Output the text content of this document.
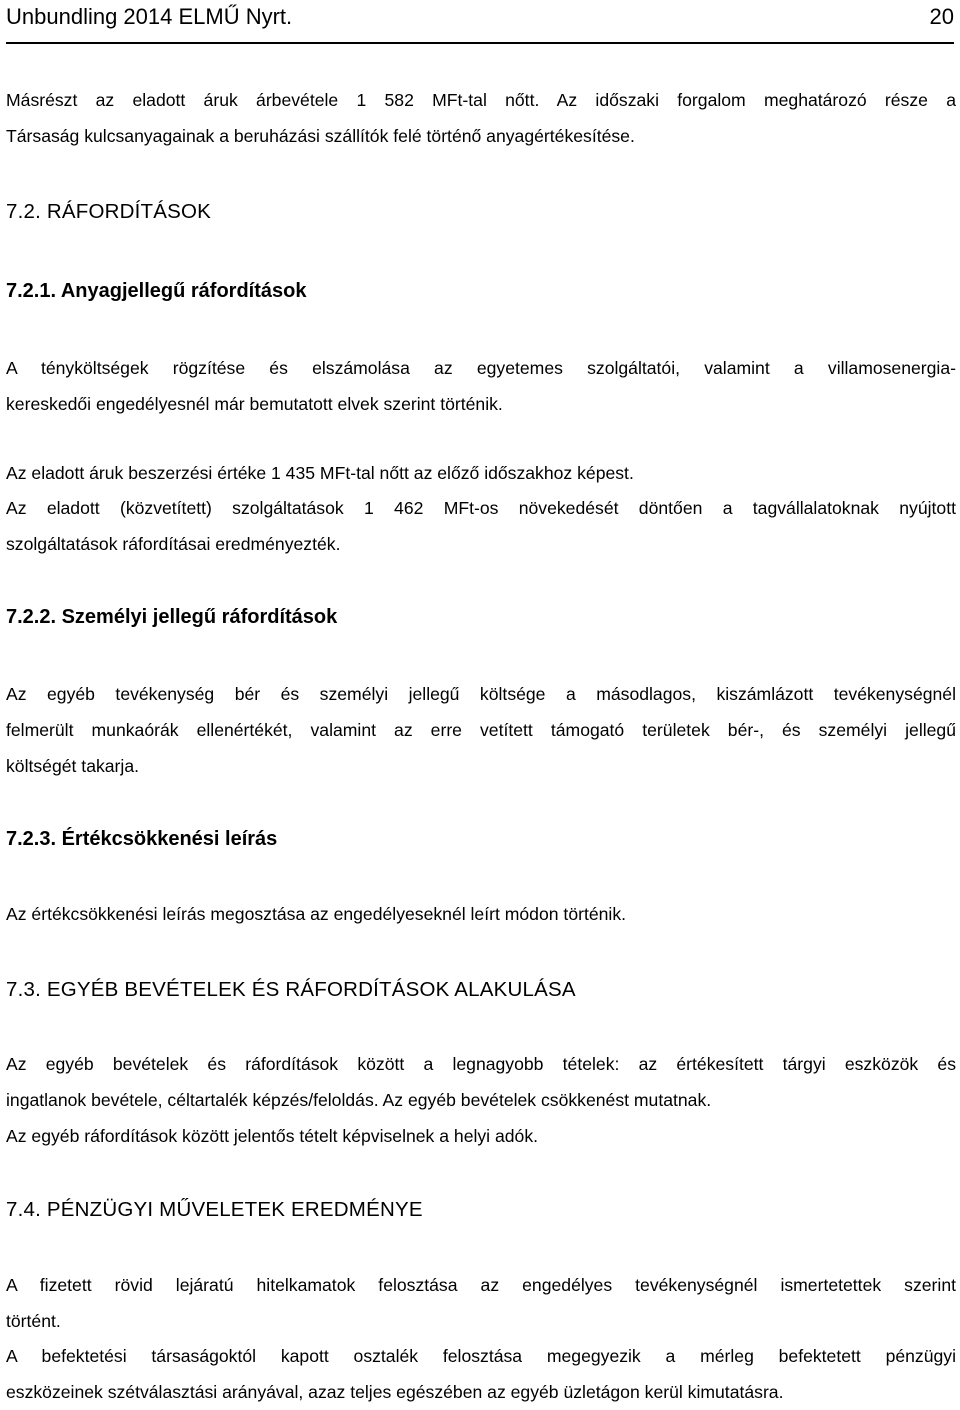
Unbundling 2014 ELMŰ Nyrt.	20
Másrészt az eladott áruk árbevétele 1 582 MFt-tal nőtt. Az időszaki forgalom meghatározó része a
Társaság kulcsanyagainak a beruházási szállítók felé történő anyagértékesítése.
7.2. RÁFORDÍTÁSOK
7.2.1. Anyagjellegű ráfordítások
A tényköltségek rögzítése és elszámolása az egyetemes szolgáltatói, valamint a villamosenergia-
kereskedői engedélyesnél már bemutatott elvek szerint történik.
Az eladott áruk beszerzési értéke 1 435 MFt-tal nőtt az előző időszakhoz képest.
Az eladott (közvetített) szolgáltatások 1 462 MFt-os növekedését döntően a tagvállalatoknak nyújtott
szolgáltatások ráfordításai eredményezték.
7.2.2. Személyi jellegű ráfordítások
Az egyéb tevékenység bér és személyi jellegű költsége a másodlagos, kiszámlázott tevékenységnél
felmerült munkaórák ellenértékét, valamint az erre vetített támogató területek bér-, és személyi jellegű
költségét takarja.
7.2.3. Értékcsökkenési leírás
Az értékcsökkenési leírás megosztása az engedélyeseknél leírt módon történik.
7.3. EGYÉB BEVÉTELEK ÉS RÁFORDÍTÁSOK ALAKULÁSA
Az egyéb bevételek és ráfordítások között a legnagyobb tételek: az értékesített tárgyi eszközök és
ingatlanok bevétele, céltartalék képzés/feloldás. Az egyéb bevételek csökkenést mutatnak.
Az egyéb ráfordítások között jelentős tételt képviselnek a helyi adók.
7.4. PÉNZÜGYI MŰVELETEK EREDMÉNYE
A fizetett rövid lejáratú hitelkamatok felosztása az engedélyes tevékenységnél ismertetettek szerint
történt.
A befektetési társaságoktól kapott osztalék felosztása megegyezik a mérleg befektetett pénzügyi
eszközeinek szétválasztási arányával, azaz teljes egészében az egyéb üzletágon kerül kimutatásra.
